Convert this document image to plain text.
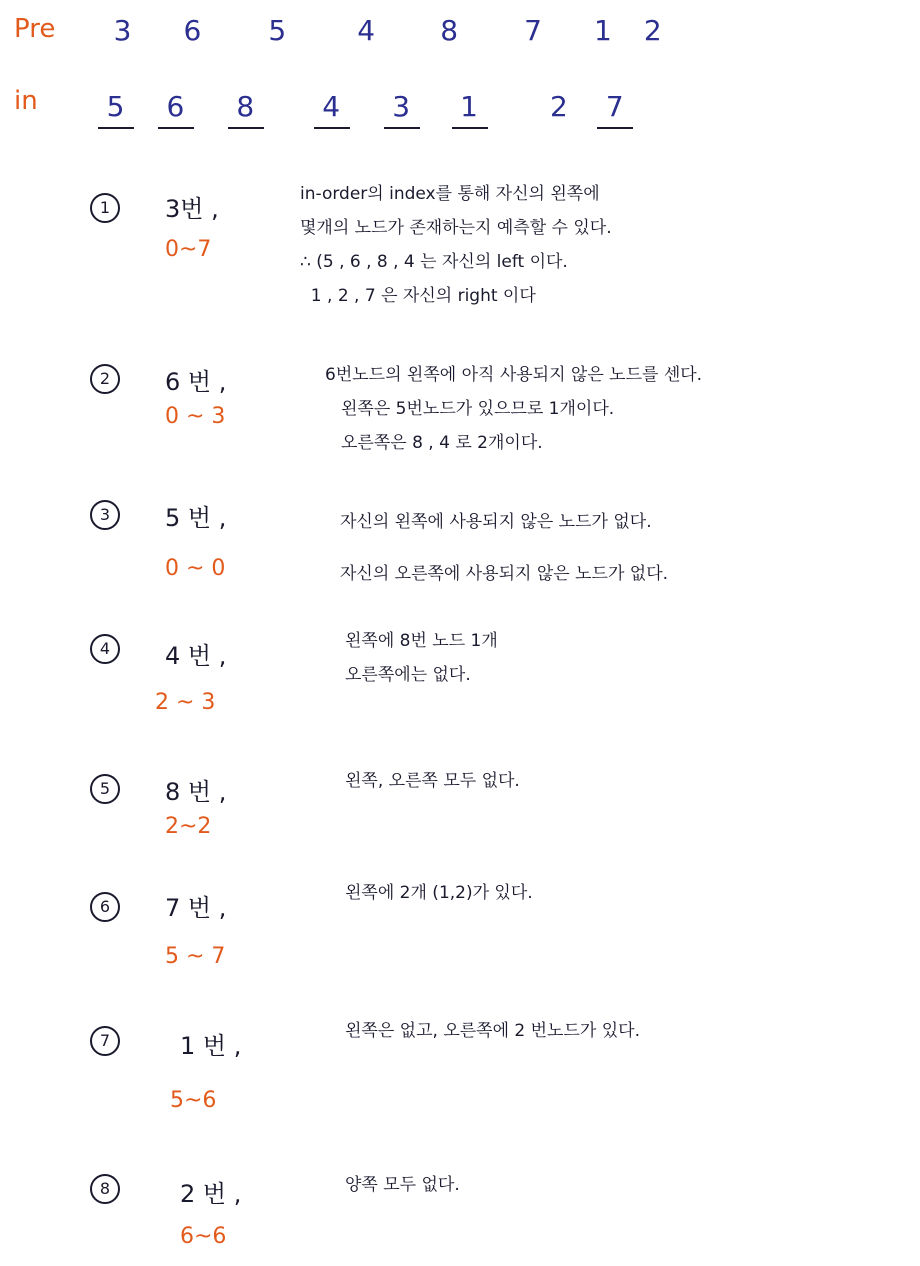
Pre	3 6 5	4 8 7 1 2
in	5 6 8 4 3 1	2 7
1	3번 ,
0~7
in-order의 index를 통해 자신의 왼쪽에
몇개의 노드가 존재하는지 예측할 수 있다.
∴ (5 , 6 , 8 , 4 는 자신의 left 이다.
1 , 2 , 7 은 자신의 right 이다
2	6 번 ,
0 ~ 3
6번노드의 왼쪽에 아직 사용되지 않은 노드를 센다.
왼쪽은 5번노드가 있으므로 1개이다.
오른쪽은 8 , 4 로 2개이다.
3	5 번 ,
0 ~ 0
자신의 왼쪽에 사용되지 않은 노드가 없다.
자신의 오른쪽에 사용되지 않은 노드가 없다.
4	4 번 ,
2 ~ 3
왼쪽에 8번 노드 1개
오른쪽에는 없다.
5	8 번 ,
2~2
왼쪽, 오른쪽 모두 없다.
6	7 번 ,
5 ~ 7
왼쪽에 2개 (1,2)가 있다.
7	1 번 ,
5~6
왼쪽은 없고, 오른쪽에 2 번노드가 있다.
8	2 번 ,
6~6
양쪽 모두 없다.
